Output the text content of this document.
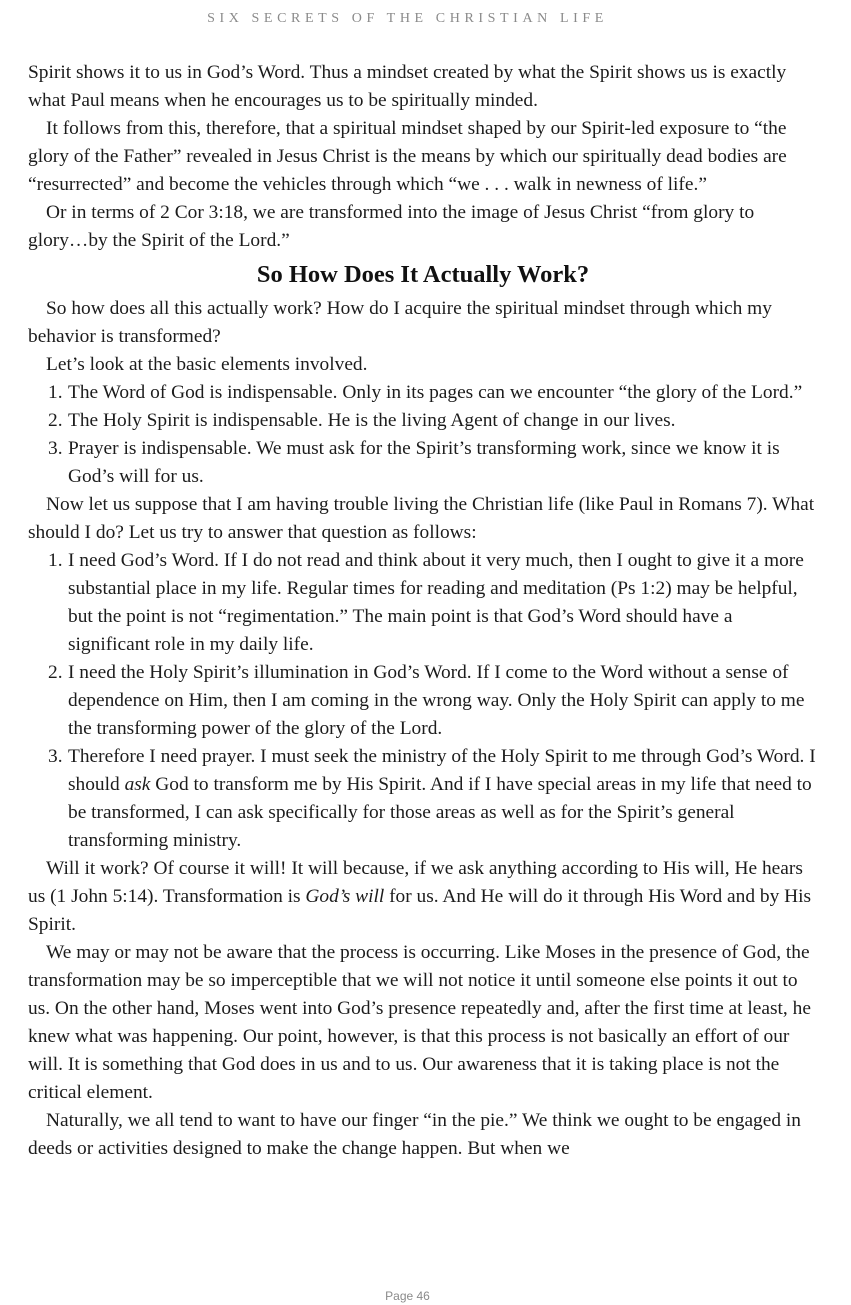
SIX SECRETS OF THE CHRISTIAN LIFE

Spirit shows it to us in God’s Word. Thus a mindset created by what the Spirit shows us is exactly what Paul means when he encourages us to be spiritually minded.

It follows from this, therefore, that a spiritual mindset shaped by our Spirit-led exposure to “the glory of the Father” revealed in Jesus Christ is the means by which our spiritually dead bodies are “resurrected” and become the vehicles through which “we . . . walk in newness of life.”

Or in terms of 2 Cor 3:18, we are transformed into the image of Jesus Christ “from glory to glory…by the Spirit of the Lord.”

So How Does It Actually Work?

So how does all this actually work? How do I acquire the spiritual mindset through which my behavior is transformed?

Let’s look at the basic elements involved.

1. The Word of God is indispensable. Only in its pages can we encounter “the glory of the Lord.”
2. The Holy Spirit is indispensable. He is the living Agent of change in our lives.
3. Prayer is indispensable. We must ask for the Spirit’s transforming work, since we know it is God’s will for us.

Now let us suppose that I am having trouble living the Christian life (like Paul in Romans 7). What should I do? Let us try to answer that question as follows:

1. I need God’s Word. If I do not read and think about it very much, then I ought to give it a more substantial place in my life. Regular times for reading and meditation (Ps 1:2) may be helpful, but the point is not “regimentation.” The main point is that God’s Word should have a significant role in my daily life.
2. I need the Holy Spirit’s illumination in God’s Word. If I come to the Word without a sense of dependence on Him, then I am coming in the wrong way. Only the Holy Spirit can apply to me the transforming power of the glory of the Lord.
3. Therefore I need prayer. I must seek the ministry of the Holy Spirit to me through God’s Word. I should ask God to transform me by His Spirit. And if I have special areas in my life that need to be transformed, I can ask specifically for those areas as well as for the Spirit’s general transforming ministry.

Will it work? Of course it will! It will because, if we ask anything according to His will, He hears us (1 John 5:14). Transformation is God’s will for us. And He will do it through His Word and by His Spirit.

We may or may not be aware that the process is occurring. Like Moses in the presence of God, the transformation may be so imperceptible that we will not notice it until someone else points it out to us. On the other hand, Moses went into God’s presence repeatedly and, after the first time at least, he knew what was happening. Our point, however, is that this process is not basically an effort of our will. It is something that God does in us and to us. Our awareness that it is taking place is not the critical element.

Naturally, we all tend to want to have our finger “in the pie.” We think we ought to be engaged in deeds or activities designed to make the change happen. But when we

Page 46
